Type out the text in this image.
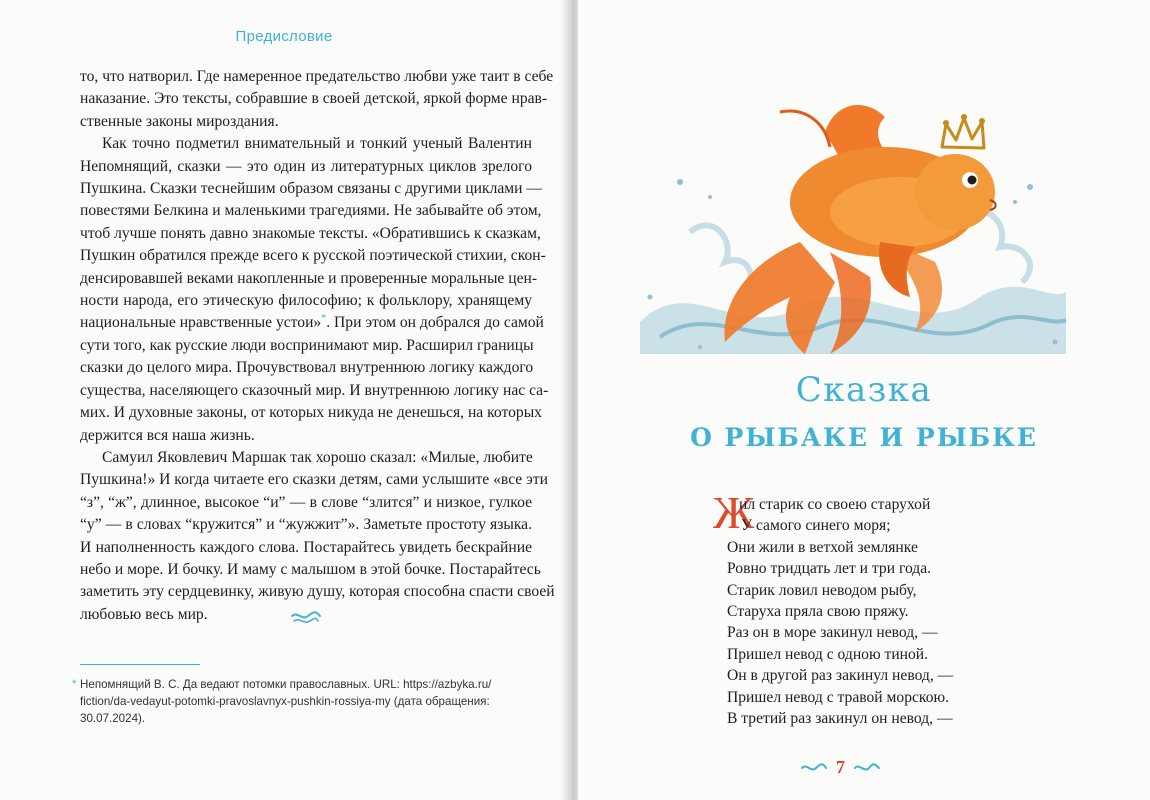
Предисловие
то, что натворил. Где намеренное предательство любви уже таит в себе
наказание. Это тексты, собравшие в своей детской, яркой форме нрав-
ственные законы мироздания.
Как точно подметил внимательный и тонкий ученый Валентин
Непомнящий, сказки — это один из литературных циклов зрелого
Пушкина. Сказки теснейшим образом связаны с другими циклами —
повестями Белкина и маленькими трагедиями. Не забывайте об этом,
чтоб лучше понять давно знакомые тексты. «Обратившись к сказкам,
Пушкин обратился прежде всего к русской поэтической стихии, скон-
денсировавшей веками накопленные и проверенные моральные цен-
ности народа, его этическую философию; к фольклору, хранящему
национальные нравственные устои»*. При этом он добрался до самой
сути того, как русские люди воспринимают мир. Расширил границы
сказки до целого мира. Прочувствовал внутреннюю логику каждого
существа, населяющего сказочный мир. И внутреннюю логику нас са-
мих. И духовные законы, от которых никуда не денешься, на которых
держится вся наша жизнь.
Самуил Яковлевич Маршак так хорошо сказал: «Милые, любите
Пушкина!» И когда читаете его сказки детям, сами услышите «все эти
“з”, “ж”, длинное, высокое “и” — в слове “злится” и низкое, гулкое
“у” — в словах “кружится” и “жужжит”». Заметьте простоту языка.
И наполненность каждого слова. Постарайтесь увидеть бескрайние
небо и море. И бочку. И маму с малышом в этой бочке. Постарайтесь
заметить эту сердцевинку, живую душу, которая способна спасти своей
любовью весь мир.
* Непомнящий В. С. Да ведают потомки православных. URL: https://azbyka.ru/
fiction/da-vedayut-potomki-pravoslavnyx-pushkin-rossiya-my (дата обращения:
30.07.2024).
Сказка
О РЫБАКЕ И РЫБКЕ
Ж
ил старик со своею старухой
У самого синего моря;
Они жили в ветхой землянке
Ровно тридцать лет и три года.
Старик ловил неводом рыбу,
Старуха пряла свою пряжу.
Раз он в море закинул невод, —
Пришел невод с одною тиной.
Он в другой раз закинул невод, —
Пришел невод с травой морскою.
В третий раз закинул он невод, —
7
